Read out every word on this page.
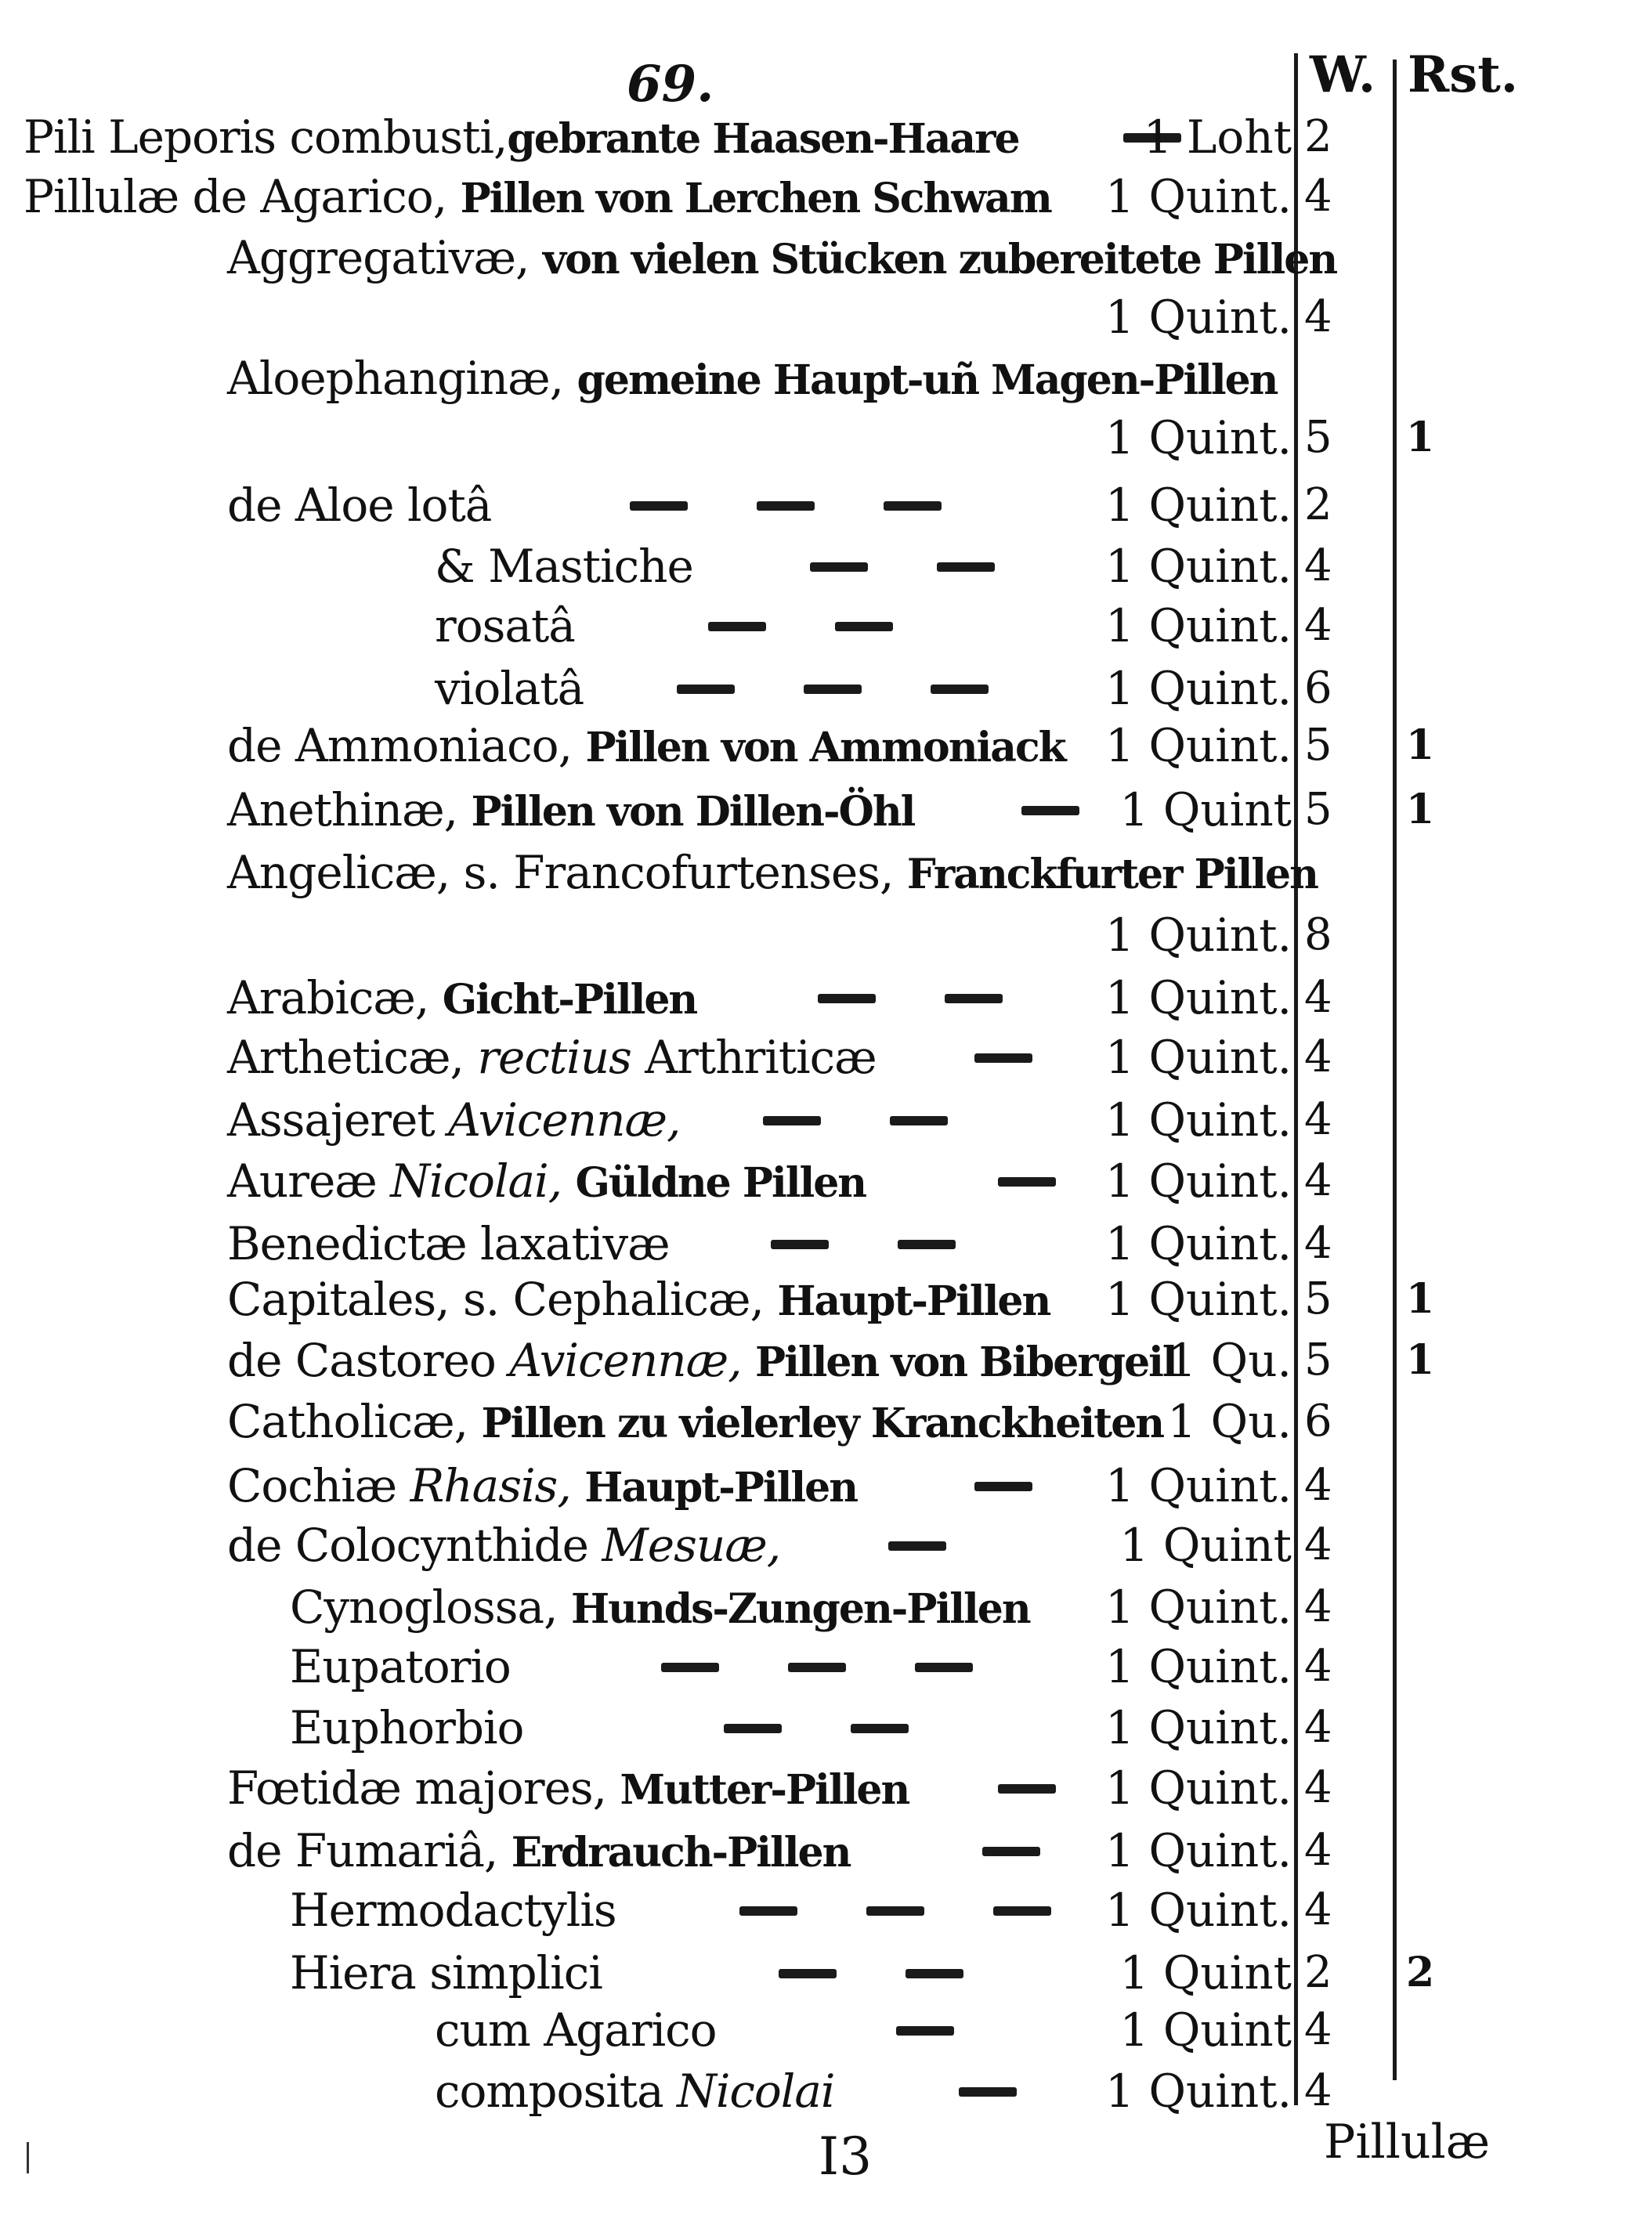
69.	W. Rst.
Pili Leporis combusti,gebrante Haasen-Haare	1 Loht 2
Pillulæ de Agarico, Pillen von Lerchen Schwam 1 Quint. 4
Aggregativæ, von vielen Stücken zubereitete Pillen
1 Quint. 4
Aloephanginæ, gemeine Haupt-uñ Magen-Pillen
1 Quint. 5	1
de Aloe lotâ	1 Quint. 2
& Mastiche	1 Quint. 4
rosatâ	1 Quint. 4
violatâ	1 Quint. 6
de Ammoniaco, Pillen von Ammoniack 1 Quint. 5	1
Anethinæ, Pillen von Dillen-Öhl	1 Quint 5	1
Angelicæ, s. Francofurtenses, Franckfurter Pillen
1 Quint. 8
Arabicæ, Gicht-Pillen	1 Quint. 4
Artheticæ, rectius Arthriticæ	1 Quint. 4
Assajeret Avicennæ,	1 Quint. 4
Aureæ Nicolai, Güldne Pillen	1 Quint. 4
Benedictæ laxativæ	1 Quint. 4
Capitales, s. Cephalicæ, Haupt-Pillen 1 Quint. 5	1
de Castoreo Avicennæ, Pillen von Bibergeil
1 Qu. 5	1
Catholicæ, Pillen zu vielerley Kranckheiten 1 Qu. 6
Cochiæ Rhasis, Haupt-Pillen	1 Quint. 4
de Colocynthide Mesuæ,	1 Quint 4
Cynoglossa, Hunds-Zungen-Pillen 1 Quint. 4
Eupatorio	1 Quint. 4
Euphorbio	1 Quint. 4
Fœtidæ majores, Mutter-Pillen	1 Quint. 4
de Fumariâ, Erdrauch-Pillen	1 Quint. 4
Hermodactylis	1 Quint. 4
Hiera simplici	1 Quint 2	2
cum Agarico	1 Quint 4
composita Nicolai	1 Quint. 4
I3	Pillulæ
